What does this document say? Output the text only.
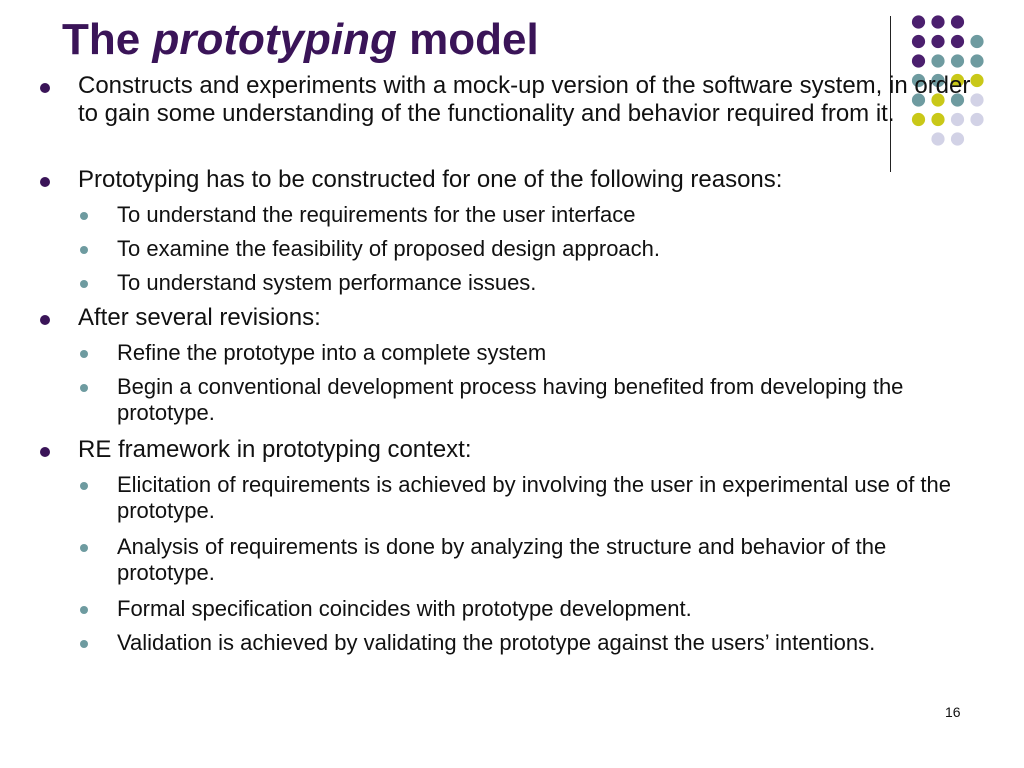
The prototyping model
Constructs and experiments with a mock-up version of the software system, in order to gain some understanding of the functionality and behavior required from it.
Prototyping has to be constructed for one of the following reasons:
To understand the requirements for the user interface
To examine the feasibility of proposed design approach.
To understand system performance issues.
After several revisions:
Refine the prototype into a complete system
Begin a conventional development process having benefited from developing the prototype.
RE framework in prototyping context:
Elicitation of requirements is achieved by involving the user in experimental use of the prototype.
Analysis of requirements is done by analyzing the structure and behavior of the prototype.
Formal specification coincides with prototype development.
Validation is achieved by validating the prototype against the users’ intentions.
16
